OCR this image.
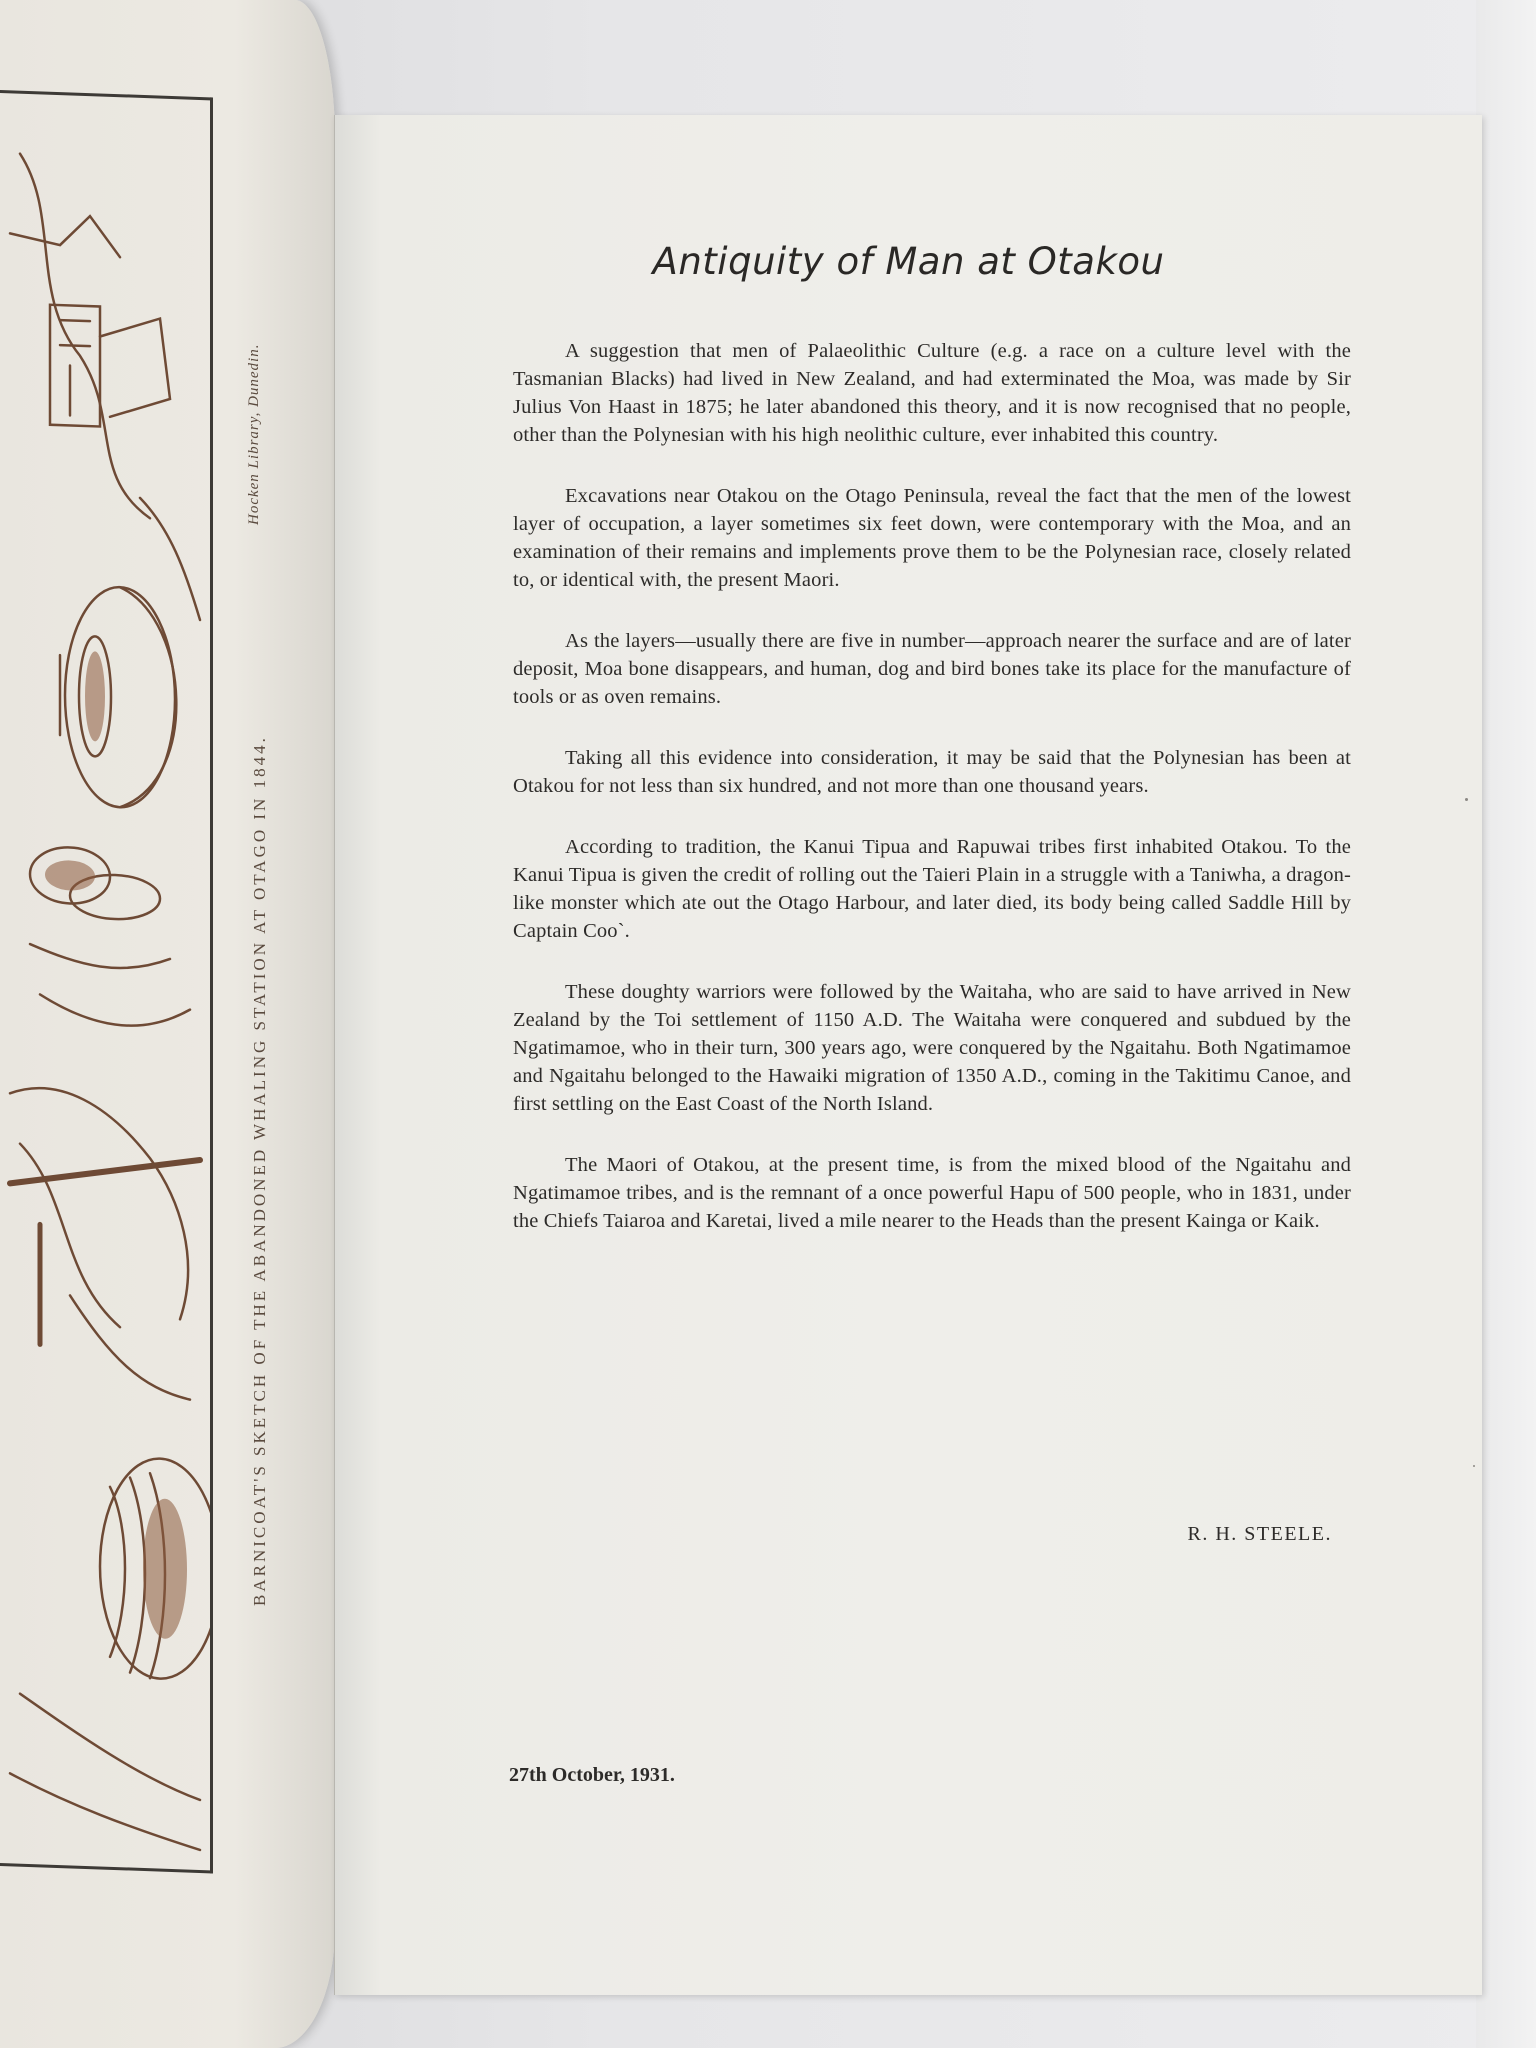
BARNICOAT'S SKETCH OF THE ABANDONED WHALING STATION AT OTAGO IN 1844.
Hocken Library, Dunedin.
Antiquity of Man at Otakou

A suggestion that men of Palaeolithic Culture (e.g. a race on a culture level with the Tasmanian Blacks) had lived in New Zealand, and had exterminated the Moa, was made by Sir Julius Von Haast in 1875; he later abandoned this theory, and it is now recognised that no people, other than the Polynesian with his high neolithic culture, ever inhabited this country.

Excavations near Otakou on the Otago Peninsula, reveal the fact that the men of the lowest layer of occupation, a layer sometimes six feet down, were contemporary with the Moa, and an examination of their remains and implements prove them to be the Polynesian race, closely related to, or identical with, the present Maori.

As the layers—usually there are five in number—approach nearer the surface and are of later deposit, Moa bone disappears, and human, dog and bird bones take its place for the manufacture of tools or as oven remains.

Taking all this evidence into consideration, it may be said that the Polynesian has been at Otakou for not less than six hundred, and not more than one thousand years.

According to tradition, the Kanui Tipua and Rapuwai tribes first inhabited Otakou. To the Kanui Tipua is given the credit of rolling out the Taieri Plain in a struggle with a Taniwha, a dragon-like monster which ate out the Otago Harbour, and later died, its body being called Saddle Hill by Captain Coo`.

These doughty warriors were followed by the Waitaha, who are said to have arrived in New Zealand by the Toi settlement of 1150 A.D. The Waitaha were conquered and subdued by the Ngatimamoe, who in their turn, 300 years ago, were conquered by the Ngaitahu. Both Ngatimamoe and Ngaitahu belonged to the Hawaiki migration of 1350 A.D., coming in the Takitimu Canoe, and first settling on the East Coast of the North Island.

The Maori of Otakou, at the present time, is from the mixed blood of the Ngaitahu and Ngatimamoe tribes, and is the remnant of a once powerful Hapu of 500 people, who in 1831, under the Chiefs Taiaroa and Karetai, lived a mile nearer to the Heads than the present Kainga or Kaik.

R. H. STEELE.
27th October, 1931.
